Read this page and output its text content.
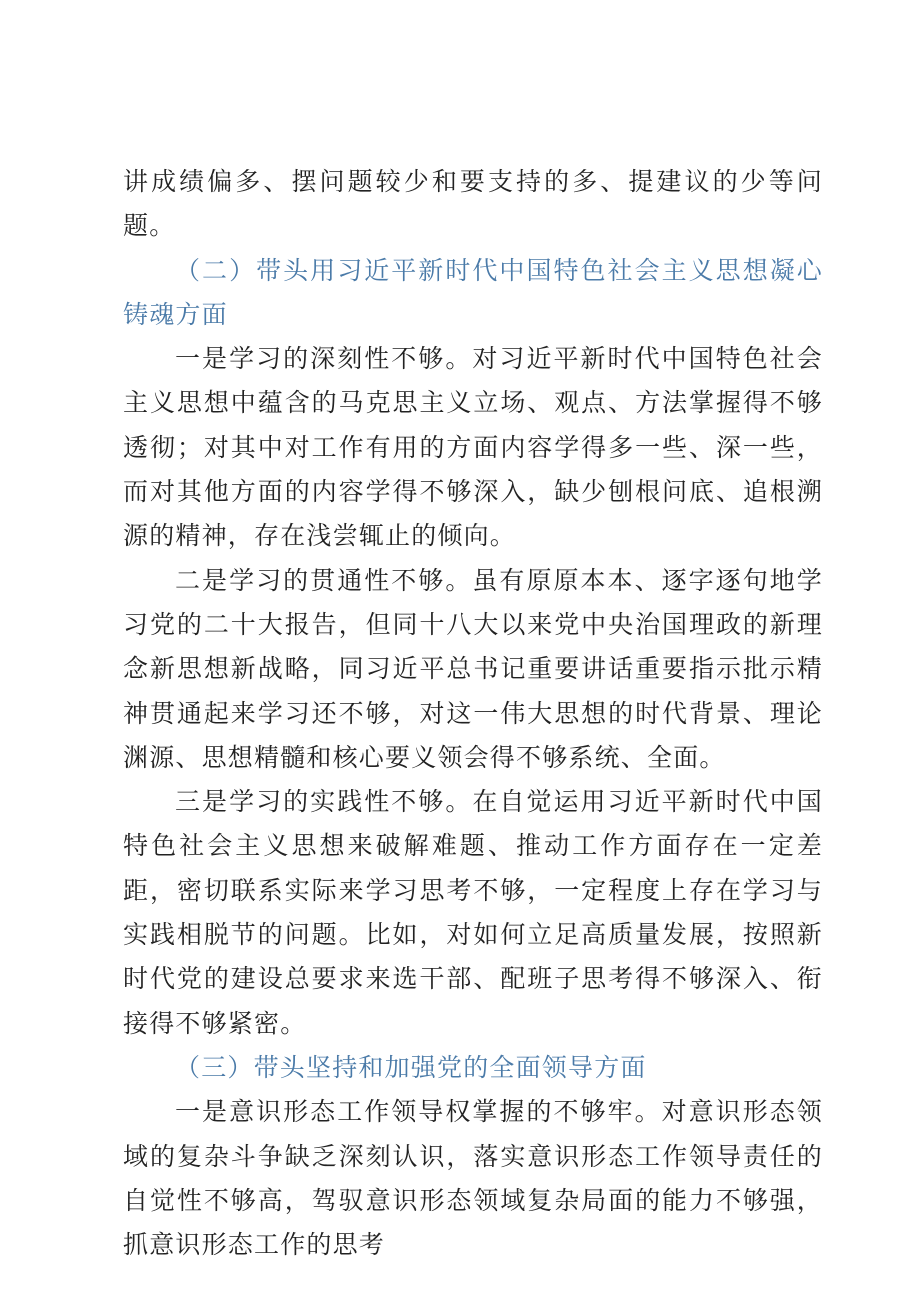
讲成绩偏多、摆问题较少和要支持的多、提建议的少等问题。

（二）带头用习近平新时代中国特色社会主义思想凝心铸魂方面

一是学习的深刻性不够。对习近平新时代中国特色社会主义思想中蕴含的马克思主义立场、观点、方法掌握得不够透彻；对其中对工作有用的方面内容学得多一些、深一些，而对其他方面的内容学得不够深入，缺少刨根问底、追根溯源的精神，存在浅尝辄止的倾向。

二是学习的贯通性不够。虽有原原本本、逐字逐句地学习党的二十大报告，但同十八大以来党中央治国理政的新理念新思想新战略，同习近平总书记重要讲话重要指示批示精神贯通起来学习还不够，对这一伟大思想的时代背景、理论渊源、思想精髓和核心要义领会得不够系统、全面。

三是学习的实践性不够。在自觉运用习近平新时代中国特色社会主义思想来破解难题、推动工作方面存在一定差距，密切联系实际来学习思考不够，一定程度上存在学习与实践相脱节的问题。比如，对如何立足高质量发展，按照新时代党的建设总要求来选干部、配班子思考得不够深入、衔接得不够紧密。

（三）带头坚持和加强党的全面领导方面

一是意识形态工作领导权掌握的不够牢。对意识形态领域的复杂斗争缺乏深刻认识，落实意识形态工作领导责任的自觉性不够高，驾驭意识形态领域复杂局面的能力不够强，抓意识形态工作的思考
